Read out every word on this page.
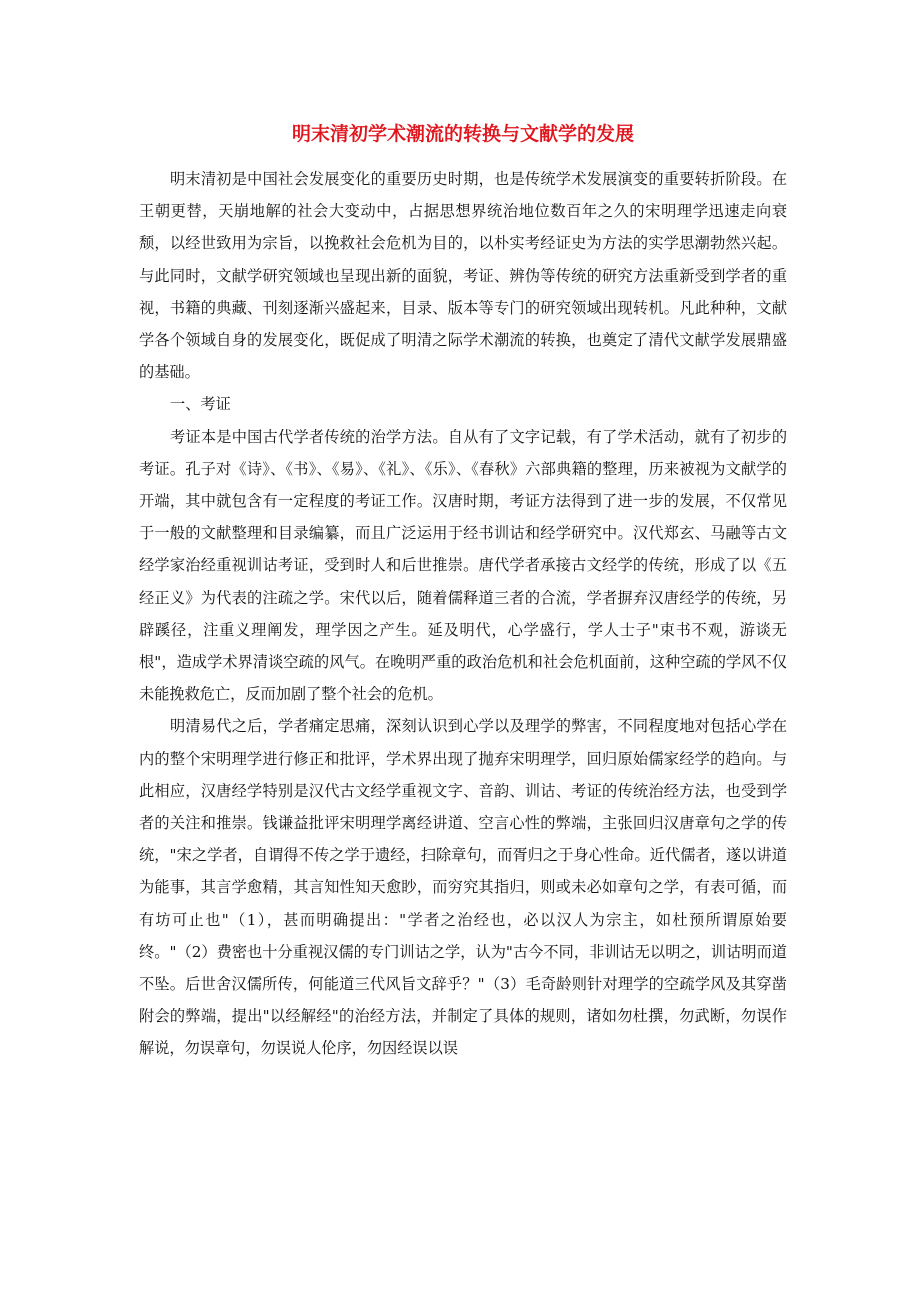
明末清初学术潮流的转换与文献学的发展

明末清初是中国社会发展变化的重要历史时期，也是传统学术发展演变的重要转折阶段。在王朝更替，天崩地解的社会大变动中，占据思想界统治地位数百年之久的宋明理学迅速走向衰颓，以经世致用为宗旨，以挽救社会危机为目的，以朴实考经证史为方法的实学思潮勃然兴起。与此同时，文献学研究领域也呈现出新的面貌，考证、辨伪等传统的研究方法重新受到学者的重视，书籍的典藏、刊刻逐渐兴盛起来，目录、版本等专门的研究领域出现转机。凡此种种，文献学各个领域自身的发展变化，既促成了明清之际学术潮流的转换，也奠定了清代文献学发展鼎盛的基础。

一、考证

考证本是中国古代学者传统的治学方法。自从有了文字记载，有了学术活动，就有了初步的考证。孔子对《诗》、《书》、《易》、《礼》、《乐》、《春秋》六部典籍的整理，历来被视为文献学的开端，其中就包含有一定程度的考证工作。汉唐时期，考证方法得到了进一步的发展，不仅常见于一般的文献整理和目录编纂，而且广泛运用于经书训诂和经学研究中。汉代郑玄、马融等古文经学家治经重视训诂考证，受到时人和后世推崇。唐代学者承接古文经学的传统，形成了以《五经正义》为代表的注疏之学。宋代以后，随着儒释道三者的合流，学者摒弃汉唐经学的传统，另辟蹊径，注重义理阐发，理学因之产生。延及明代，心学盛行，学人士子"束书不观，游谈无根"，造成学术界清谈空疏的风气。在晚明严重的政治危机和社会危机面前，这种空疏的学风不仅未能挽救危亡，反而加剧了整个社会的危机。

明清易代之后，学者痛定思痛，深刻认识到心学以及理学的弊害，不同程度地对包括心学在内的整个宋明理学进行修正和批评，学术界出现了抛弃宋明理学，回归原始儒家经学的趋向。与此相应，汉唐经学特别是汉代古文经学重视文字、音韵、训诂、考证的传统治经方法，也受到学者的关注和推崇。钱谦益批评宋明理学离经讲道、空言心性的弊端，主张回归汉唐章句之学的传统，"宋之学者，自谓得不传之学于遗经，扫除章句，而胥归之于身心性命。近代儒者，遂以讲道为能事，其言学愈精，其言知性知天愈眇，而穷究其指归，则或未必如章句之学，有表可循，而有坊可止也"（1），甚而明确提出："学者之治经也，必以汉人为宗主，如杜预所谓原始要终。"（2）费密也十分重视汉儒的专门训诂之学，认为"古今不同，非训诂无以明之，训诂明而道不坠。后世舍汉儒所传，何能道三代风旨文辞乎？"（3）毛奇龄则针对理学的空疏学风及其穿凿附会的弊端，提出"以经解经"的治经方法，并制定了具体的规则，诸如勿杜撰，勿武断，勿误作解说，勿误章句，勿误说人伦序，勿因经误以误
